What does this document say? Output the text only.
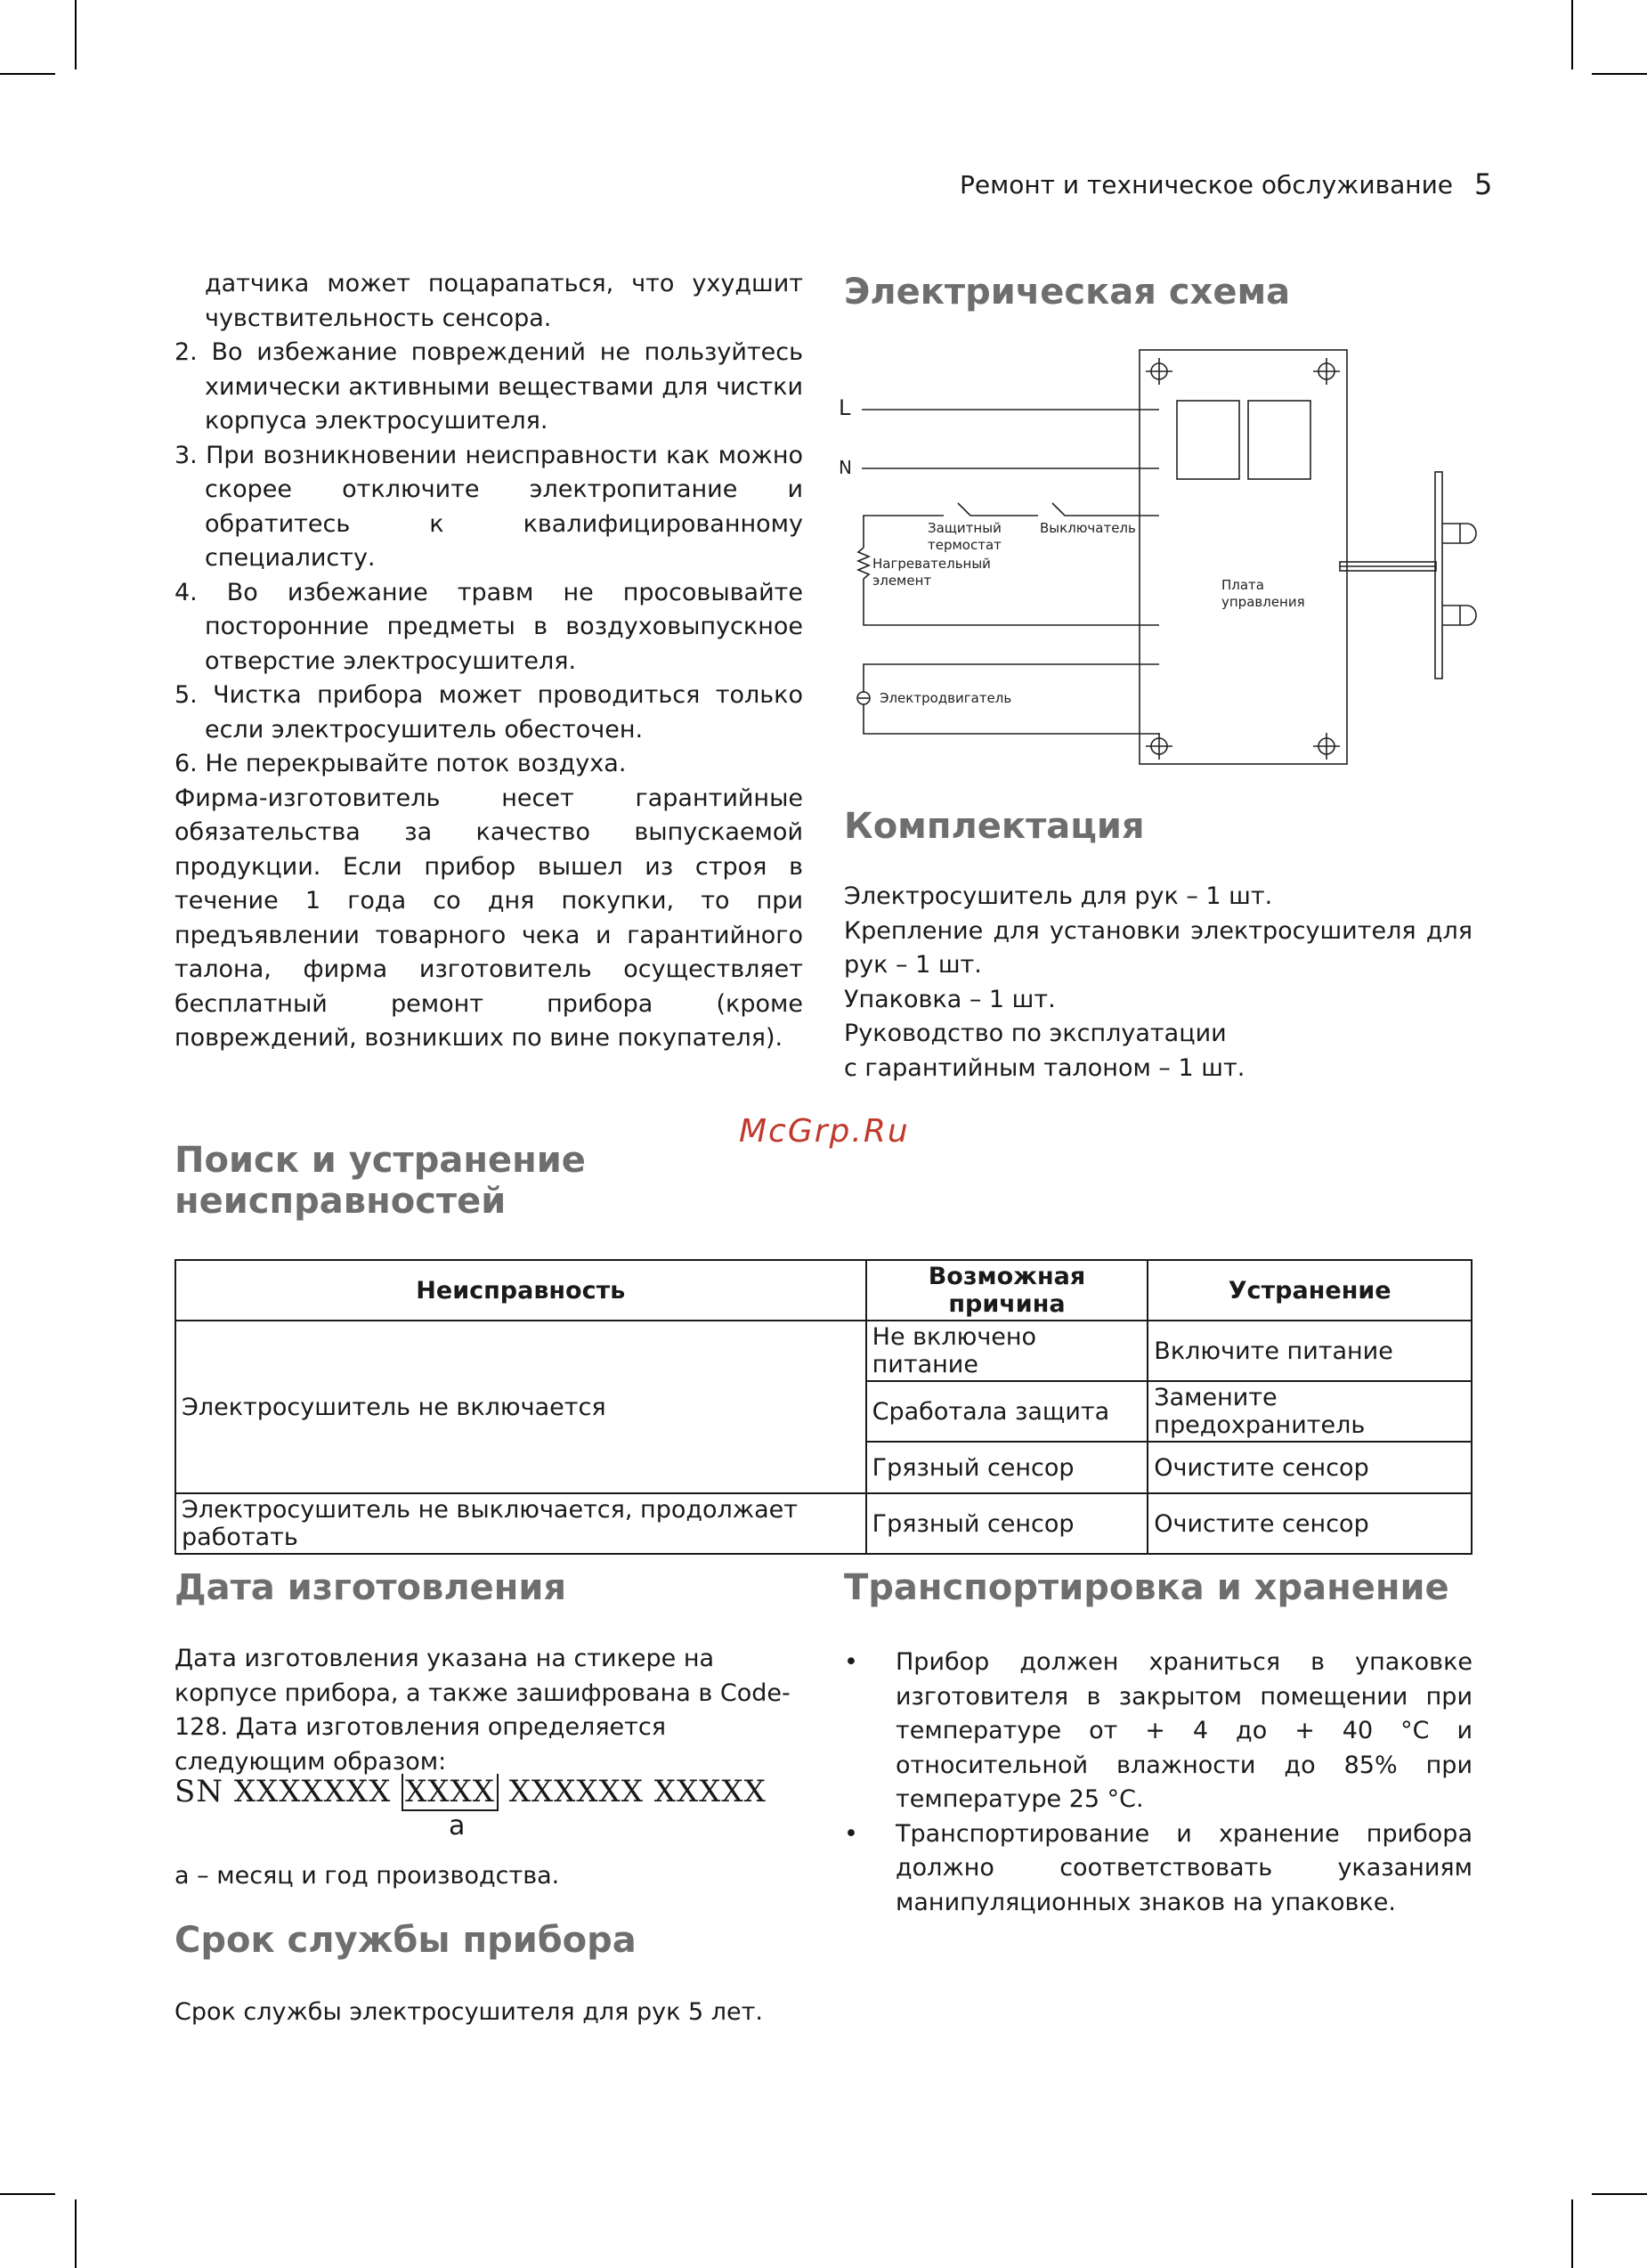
Ремонт и техническое обслуживание 5

датчика может поцарапаться, что ухудшит чувствительность сенсора.

2. Во избежание повреждений не пользуйтесь химически активными веществами для чистки корпуса электросушителя.
3. При возникновении неисправности как можно скорее отключите электропитание и обратитесь к квалифицированному специалисту.
4. Во избежание травм не просовывайте посторонние предметы в воздуховыпускное отверстие электросушителя.
5. Чистка прибора может проводиться только если электросушитель обесточен.
6. Не перекрывайте поток воздуха.

Фирма-изготовитель несет гарантийные обязательства за качество выпускаемой продукции. Если прибор вышел из строя в течение 1 года со дня покупки, то при предъявлении товарного чека и гарантийного талона, фирма изготовитель осуществляет бесплатный ремонт прибора (кроме повреждений, возникших по вине покупателя).

Электрическая схема
L
N
Защитный
термостат
Выключатель
Нагревательный
элемент	Плата
управления
Электродвигатель
Комплектация

Электросушитель для рук – 1 шт.

Крепление для установки электросушителя для рук – 1 шт.

Упаковка – 1 шт.

Руководство по эксплуатации

с гарантийным талоном – 1 шт.

McGrp.Ru
Поиск и устранение
неисправностей
Неисправность	Возможная причина	Устранение
Электросушитель не включается	Не включено питание	Включите питание
	Сработала защита	Замените предохранитель
	Грязный сенсор	Очистите сенсор
Электросушитель не выключается, продолжает работать	Грязный сенсор	Очистите сенсор
Дата изготовления

Дата изготовления указана на стикере на корпусе прибора, а также зашифрована в Code-128. Дата изготовления определяется следующим образом:

SN XXXXXXX XXXX XXXXXX XXXXX
a

a – месяц и год производства.

Срок службы прибора

Срок службы электросушителя для рук 5 лет.

Транспортировка и хранение
• Прибор должен храниться в упаковке изготовителя в закрытом помещении при температуре от + 4 до + 40 °С и относительной влажности до 85% при температуре 25 °С.
• Транспортирование и хранение прибора должно соответствовать указаниям манипуляционных знаков на упаковке.
